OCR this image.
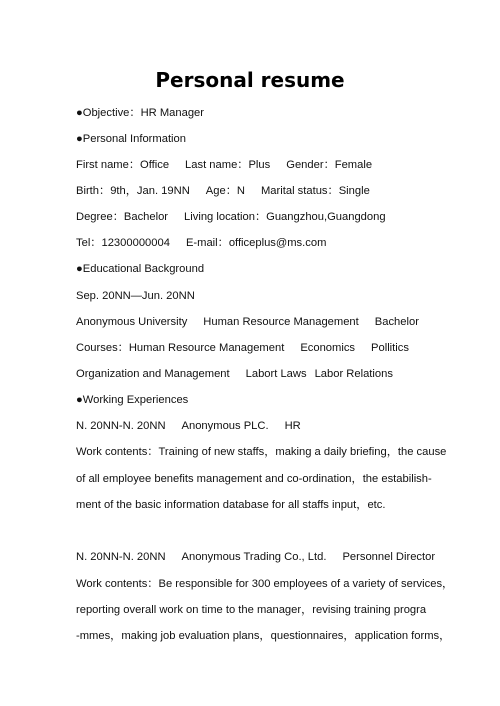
Personal resume
●Objective：HR Manager
●Personal Information
First name：Office Last name：Plus Gender：Female
Birth：9th，Jan. 19NN Age：N Marital status：Single
Degree：Bachelor Living location：Guangzhou,Guangdong
Tel：12300000004 E-mail：officeplus@ms.com
●Educational Background
Sep. 20NN—Jun. 20NN
Anonymous University Human Resource Management Bachelor
Courses：Human Resource Management Economics Pollitics
Organization and Management Labort Laws Labor Relations
●Working Experiences
N. 20NN-N. 20NN Anonymous PLC. HR
Work contents：Training of new staffs，making a daily briefing，the cause
of all employee benefits management and co-ordination，the estabilish-
ment of the basic information database for all staffs input，etc.
N. 20NN-N. 20NN Anonymous Trading Co., Ltd. Personnel Director
Work contents：Be responsible for 300 employees of a variety of services，
reporting overall work on time to the manager，revising training progra
-mmes，making job evaluation plans，questionnaires，application forms，
